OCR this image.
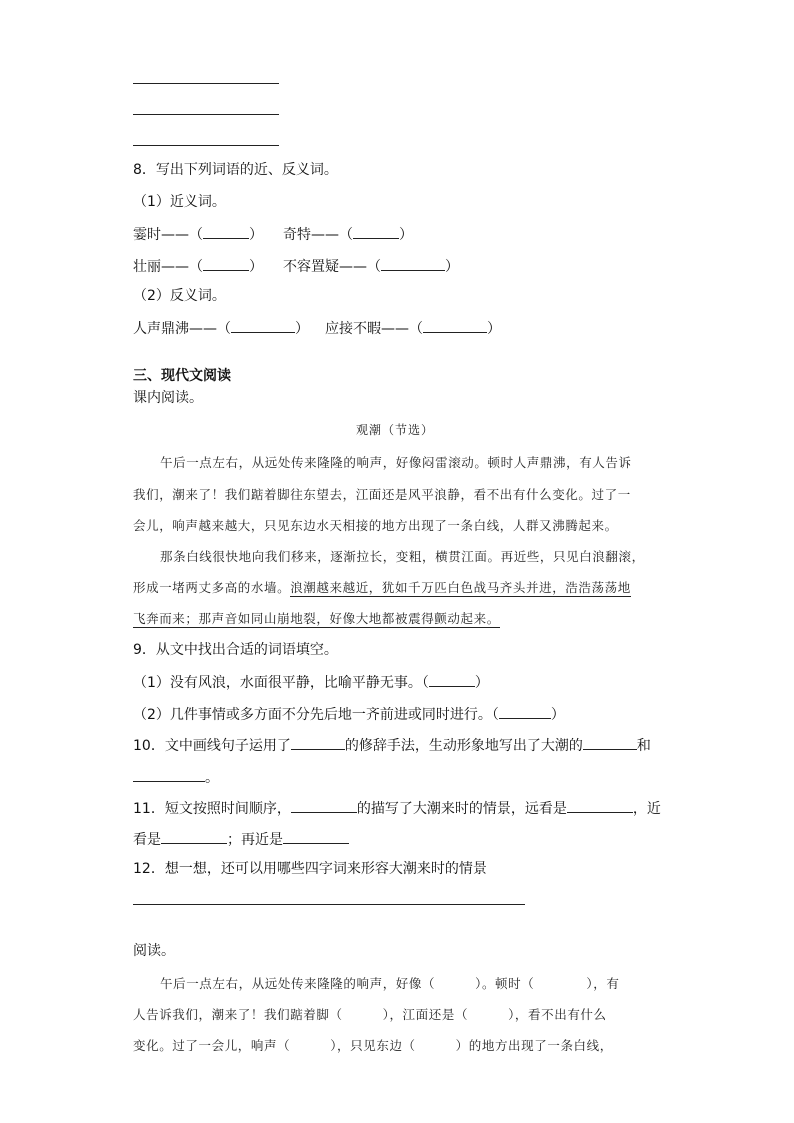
8．写出下列词语的近、反义词。
（1）近义词。
霎时——（	） 奇特——（	）
壮丽——（	） 不容置疑——（	）
（2）反义词。
人声鼎沸——（	） 应接不暇——（	）
三、现代文阅读
课内阅读。
观潮（节选）
午后一点左右，从远处传来隆隆的响声，好像闷雷滚动。顿时人声鼎沸，有人告诉
我们，潮来了！我们踮着脚往东望去，江面还是风平浪静，看不出有什么变化。过了一
会儿，响声越来越大，只见东边水天相接的地方出现了一条白线，人群又沸腾起来。
那条白线很快地向我们移来，逐渐拉长，变粗，横贯江面。再近些，只见白浪翻滚，
形成一堵两丈多高的水墙。浪潮越来越近，犹如千万匹白色战马齐头并进，浩浩荡荡地
飞奔而来；那声音如同山崩地裂，好像大地都被震得颤动起来。
9．从文中找出合适的词语填空。
（1）没有风浪，水面很平静，比喻平静无事。（	）
（2）几件事情或多方面不分先后地一齐前进或同时进行。（	）
10．文中画线句子运用了	的修辞手法，生动形象地写出了大潮的	和
。
11．短文按照时间顺序，	的描写了大潮来时的情景，远看是	，近
看是	；再近是
12．想一想，还可以用哪些四字词来形容大潮来时的情景
阅读。
午后一点左右，从远处传来隆隆的响声，好像（	）。顿时（	），有
人告诉我们，潮来了！我们踮着脚（	），江面还是（	），看不出有什么
变化。过了一会儿，响声（	），只见东边（	）的地方出现了一条白线，
